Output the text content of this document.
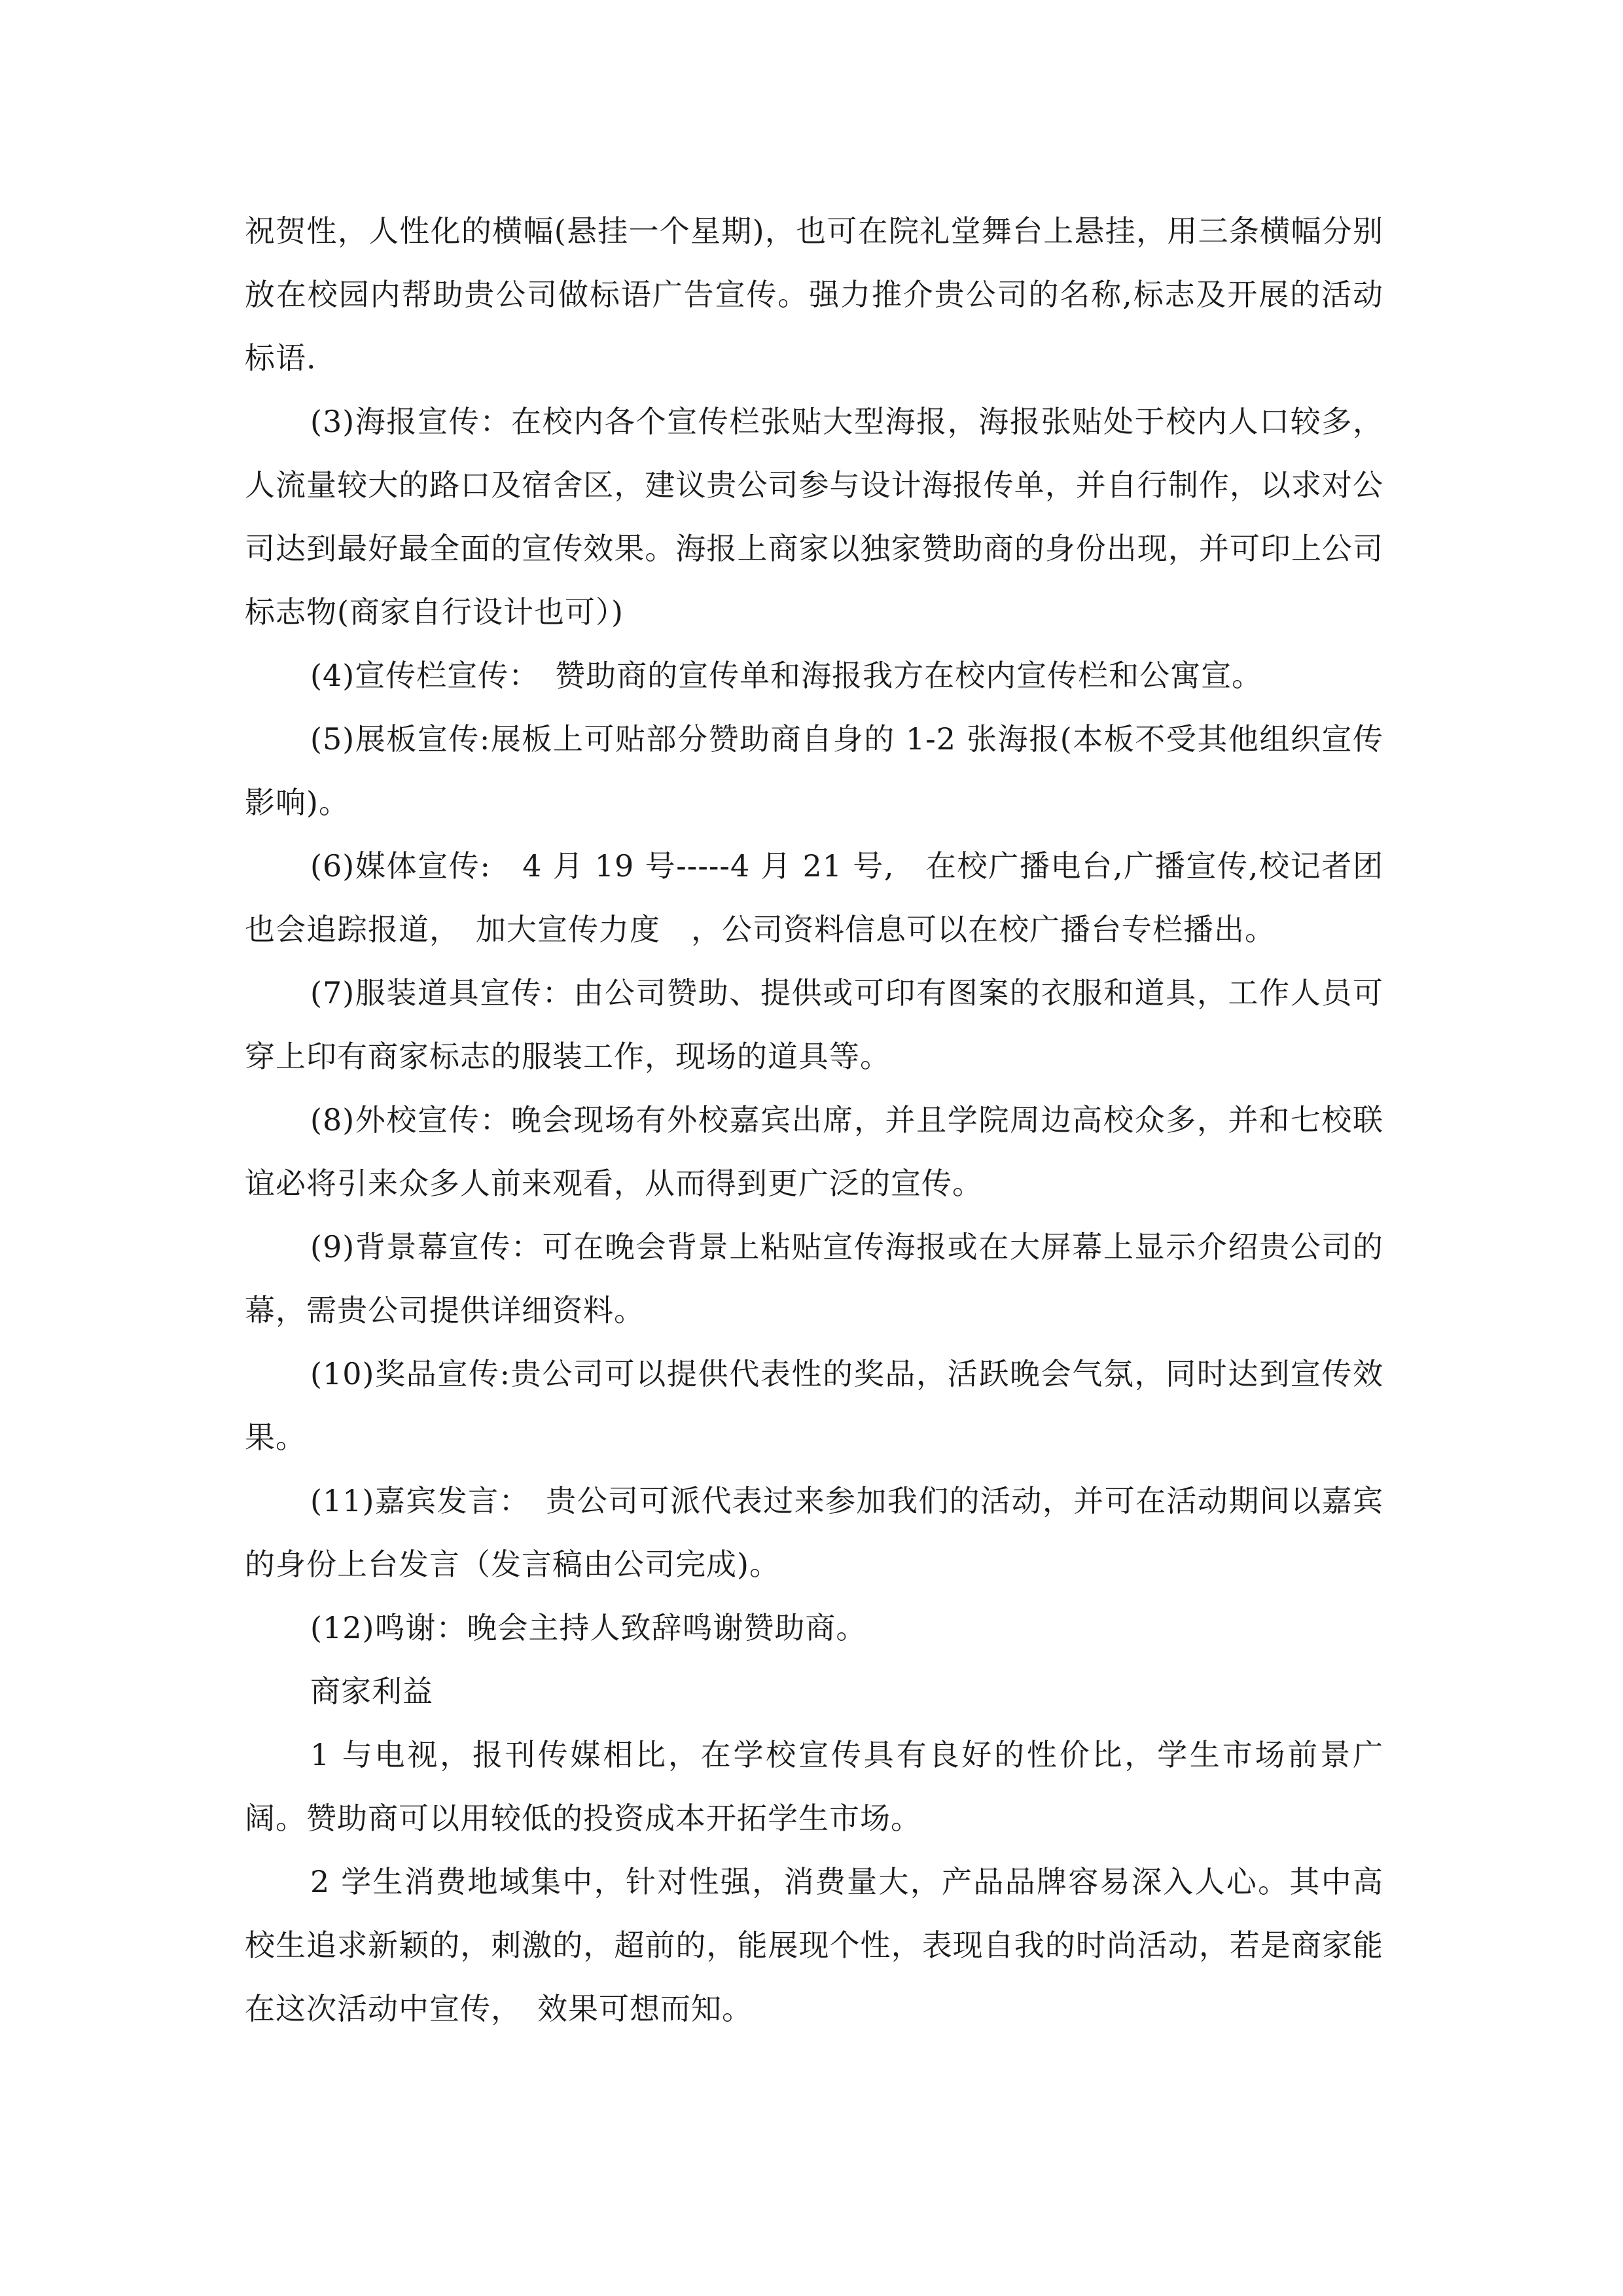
祝贺性，人性化的横幅(悬挂一个星期)，也可在院礼堂舞台上悬挂，用三条横幅分别放在校园内帮助贵公司做标语广告宣传。强力推介贵公司的名称,标志及开展的活动标语.

(3)海报宣传：在校内各个宣传栏张贴大型海报，海报张贴处于校内人口较多，人流量较大的路口及宿舍区，建议贵公司参与设计海报传单，并自行制作，以求对公司达到最好最全面的宣传效果。海报上商家以独家赞助商的身份出现，并可印上公司标志物(商家自行设计也可）)

(4)宣传栏宣传：　赞助商的宣传单和海报我方在校内宣传栏和公寓宣。

(5)展板宣传:展板上可贴部分赞助商自身的 1-2 张海报(本板不受其他组织宣传影响)。

(6)媒体宣传:　4 月 19 号-----4 月 21 号,　在校广播电台,广播宣传,校记者团也会追踪报道，　加大宣传力度　，公司资料信息可以在校广播台专栏播出。

(7)服装道具宣传：由公司赞助、提供或可印有图案的衣服和道具，工作人员可穿上印有商家标志的服装工作，现场的道具等。

(8)外校宣传：晚会现场有外校嘉宾出席，并且学院周边高校众多，并和七校联谊必将引来众多人前来观看，从而得到更广泛的宣传。

(9)背景幕宣传：可在晚会背景上粘贴宣传海报或在大屏幕上显示介绍贵公司的幕，需贵公司提供详细资料。

(10)奖品宣传:贵公司可以提供代表性的奖品，活跃晚会气氛，同时达到宣传效果。

(11)嘉宾发言：　贵公司可派代表过来参加我们的活动，并可在活动期间以嘉宾的身份上台发言（发言稿由公司完成)。

(12)鸣谢：晚会主持人致辞鸣谢赞助商。

商家利益

1 与电视，报刊传媒相比，在学校宣传具有良好的性价比，学生市场前景广阔。赞助商可以用较低的投资成本开拓学生市场。

2 学生消费地域集中，针对性强，消费量大，产品品牌容易深入人心。其中高校生追求新颖的，刺激的，超前的，能展现个性，表现自我的时尚活动，若是商家能在这次活动中宣传，　效果可想而知。
